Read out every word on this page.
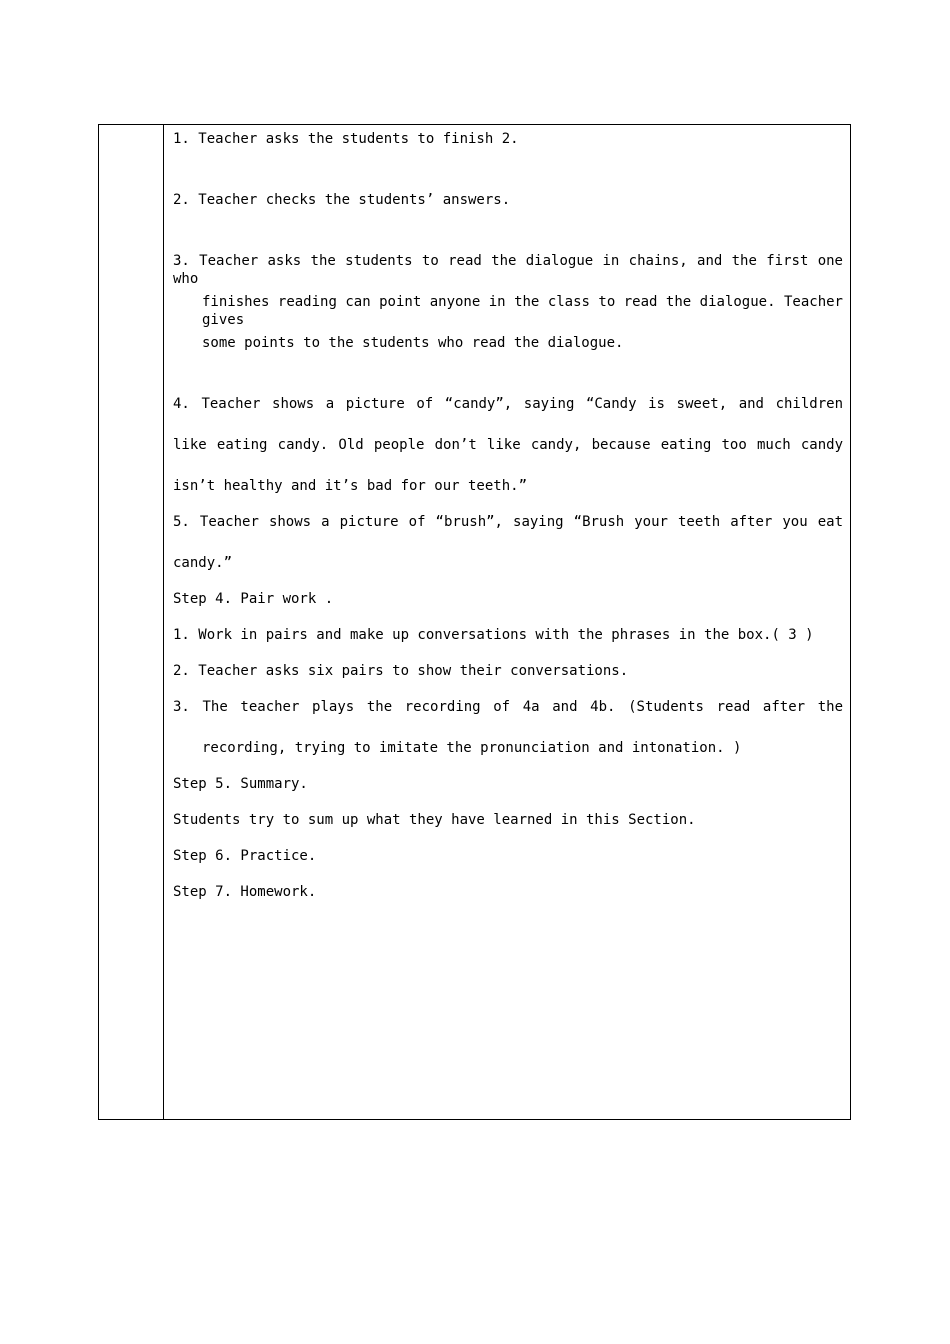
1. Teacher asks the students to finish 2.
2. Teacher checks the students’ answers.
3. Teacher asks the students to read the dialogue in chains, and the first one who
finishes reading can point anyone in the class to read the dialogue. Teacher gives
some points to the students who read the dialogue.
4. Teacher shows a picture of “candy”, saying “Candy is sweet, and children
like eating candy. Old people don’t like candy, because eating too much candy
isn’t healthy and it’s bad for our teeth.”
5. Teacher shows a picture of “brush”, saying “Brush your teeth after you eat
candy.”
Step 4. Pair work .
1. Work in pairs and make up conversations with the phrases in the box.( 3 )
2. Teacher asks six pairs to show their conversations.
3. The teacher plays the recording of 4a and 4b. (Students read after the
recording, trying to imitate the pronunciation and intonation. )
Step 5. Summary.
Students try to sum up what they have learned in this Section.
Step 6. Practice.
Step 7. Homework.
